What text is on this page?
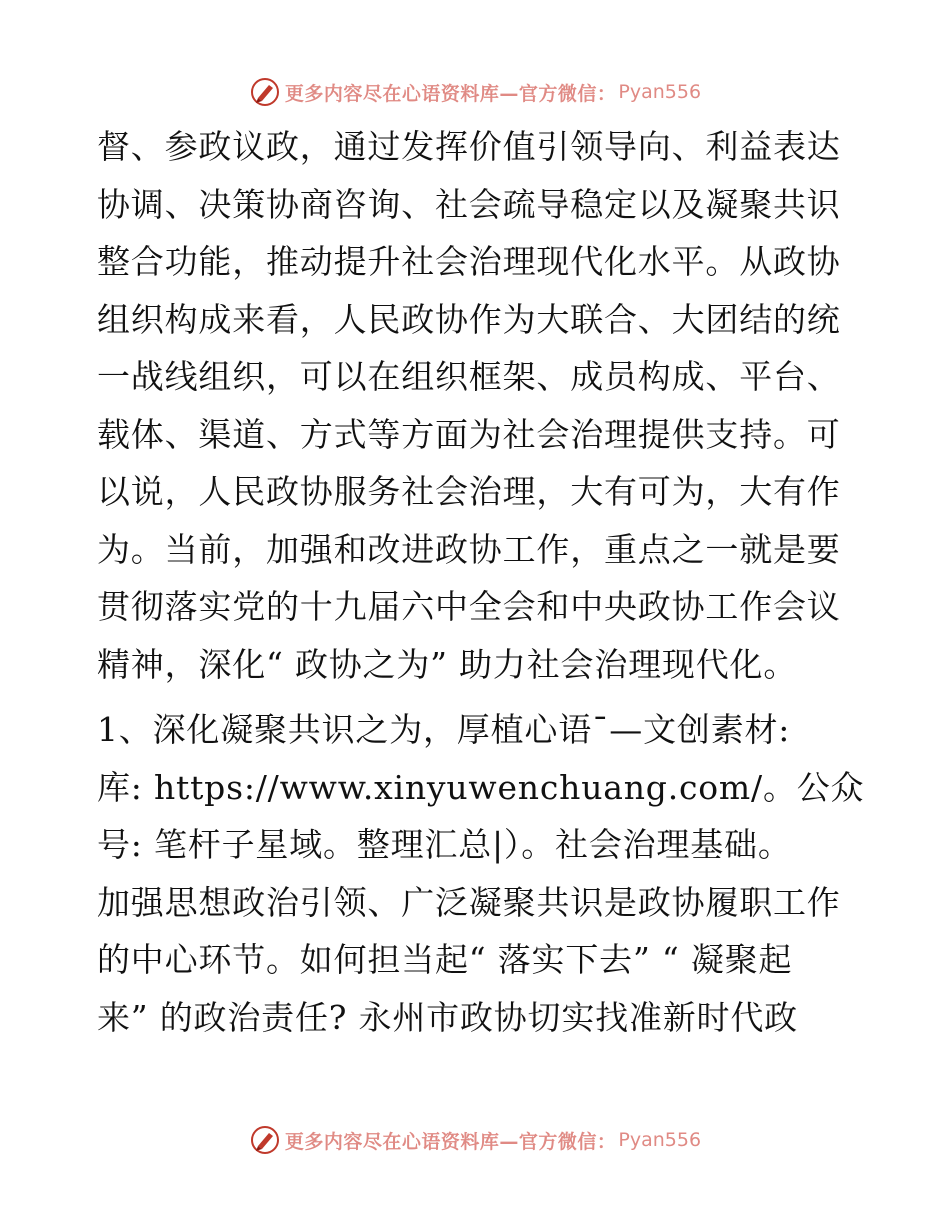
更多内容尽在心语资料库—官方微信： Pyan556
督、参政议政，通过发挥价值引领导向、利益表达
协调、决策协商咨询、社会疏导稳定以及凝聚共识
整合功能，推动提升社会治理现代化水平。从政协
组织构成来看，人民政协作为大联合、大团结的统
一战线组织，可以在组织框架、成员构成、平台、
载体、渠道、方式等方面为社会治理提供支持。可
以说，人民政协服务社会治理，大有可为，大有作
为。当前，加强和改进政协工作，重点之一就是要
贯彻落实党的十九届六中全会和中央政协工作会议
精神，深化“ 政协之为” 助力社会治理现代化。
1、深化凝聚共识之为，厚植心语¯—文创素材:
库: https://www.xinyuwenchuang.com/。公众
号: 笔杆子星域。整理汇总|）。社会治理基础。
加强思想政治引领、广泛凝聚共识是政协履职工作
的中心环节。如何担当起“ 落实下去” “ 凝聚起
来” 的政治责任? 永州市政协切实找准新时代政
更多内容尽在心语资料库—官方微信： Pyan556
